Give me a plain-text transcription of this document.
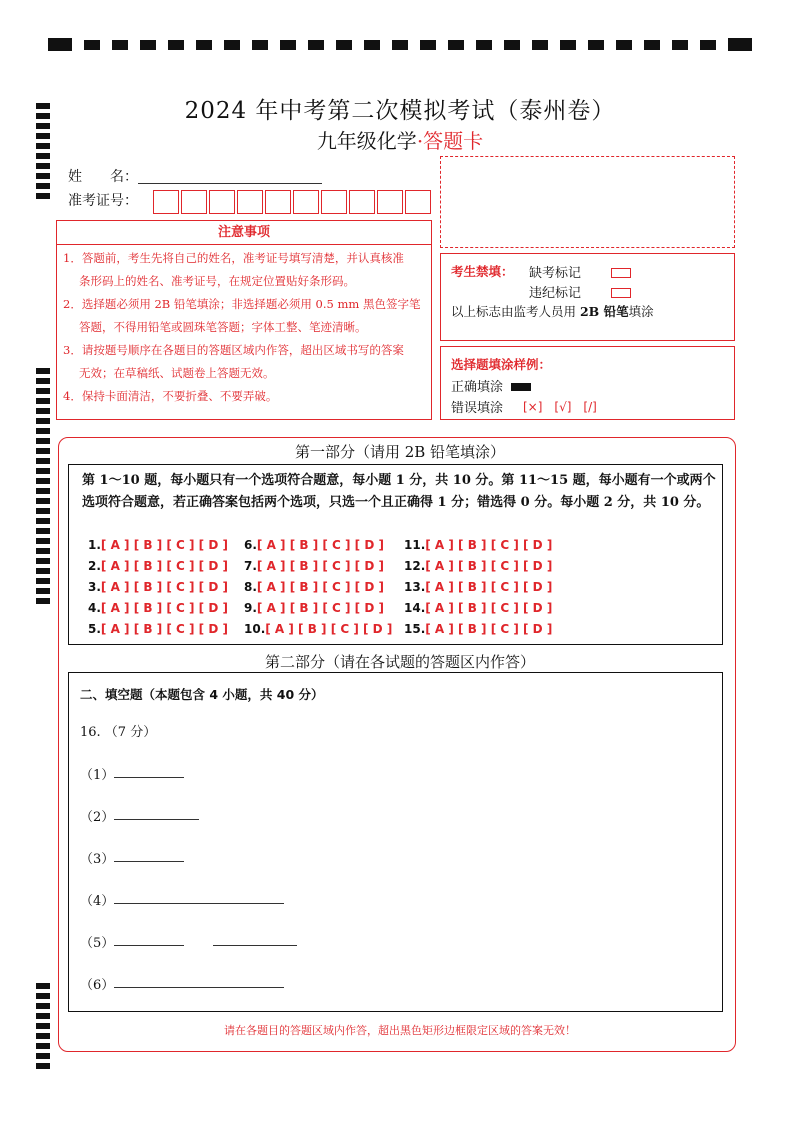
2024 年中考第二次模拟考试（泰州卷）
九年级化学·答题卡
姓　　名：
准考证号：
注意事项
1．答题前，考生先将自己的姓名，准考证号填写清楚，并认真核准
条形码上的姓名、准考证号，在规定位置贴好条形码。
2．选择题必须用 2B 铅笔填涂；非选择题必须用 0.5 mm 黑色签字笔
答题，不得用铅笔或圆珠笔答题；字体工整、笔迹清晰。
3．请按题号顺序在各题目的答题区域内作答，超出区域书写的答案
无效；在草稿纸、试题卷上答题无效。
4．保持卡面清洁，不要折叠、不要弄破。
考生禁填： 缺考标记
违纪标记
以上标志由监考人员用 2B 铅笔填涂
选择题填涂样例：
正确填涂
错误填涂 [×]　[√]　[/]
第一部分（请用 2B 铅笔填涂）
第 1～10 题，每小题只有一个选项符合题意，每小题 1 分，共 10 分。第 11～15 题，每小题有一个或两个选项符合题意，若正确答案包括两个选项，只选一个且正确得 1 分；错选得 0 分。每小题 2 分，共 10 分。
1.[ A ] [ B ] [ C ] [ D ]
2.[ A ] [ B ] [ C ] [ D ]
3.[ A ] [ B ] [ C ] [ D ]
4.[ A ] [ B ] [ C ] [ D ]
5.[ A ] [ B ] [ C ] [ D ]
6.[ A ] [ B ] [ C ] [ D ]
7.[ A ] [ B ] [ C ] [ D ]
8.[ A ] [ B ] [ C ] [ D ]
9.[ A ] [ B ] [ C ] [ D ]
10.[ A ] [ B ] [ C ] [ D ]
11.[ A ] [ B ] [ C ] [ D ]
12.[ A ] [ B ] [ C ] [ D ]
13.[ A ] [ B ] [ C ] [ D ]
14.[ A ] [ B ] [ C ] [ D ]
15.[ A ] [ B ] [ C ] [ D ]
第二部分（请在各试题的答题区内作答）
二、填空题（本题包含 4 小题，共 40 分）
16. （7 分）
（1）
（2）
（3）
（4）
（5）
（6）
请在各题目的答题区域内作答，超出黑色矩形边框限定区域的答案无效！
